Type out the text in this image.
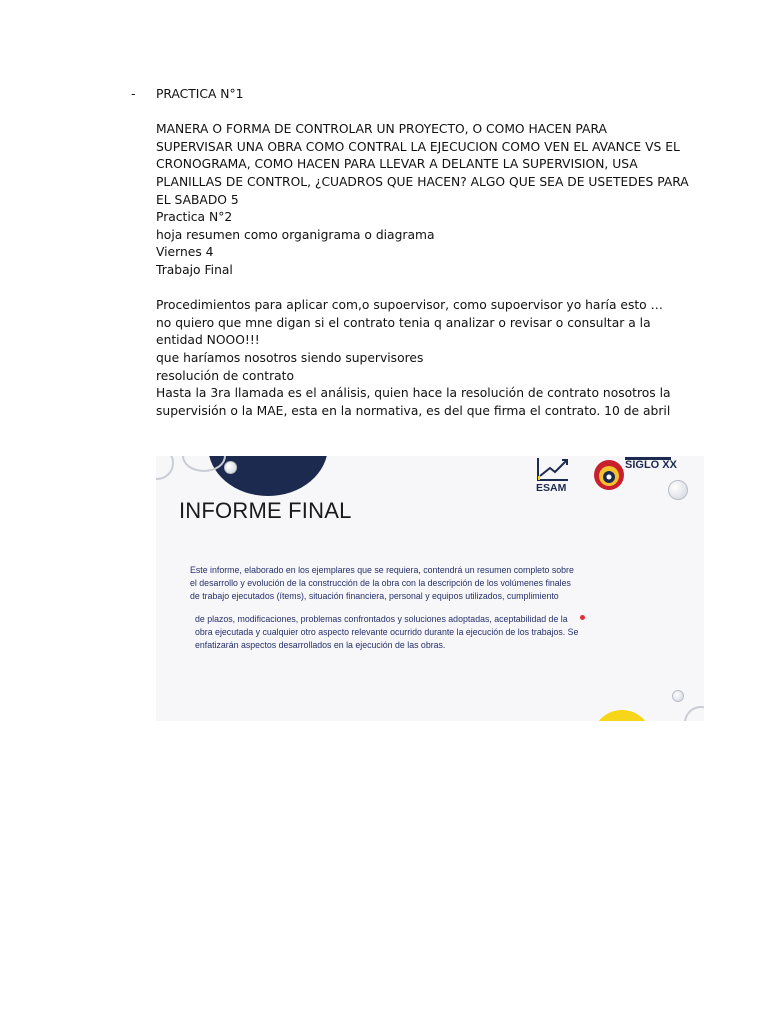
- PRACTICA N°1
MANERA O FORMA DE CONTROLAR UN PROYECTO, O COMO HACEN PARA
SUPERVISAR UNA OBRA COMO CONTRAL LA EJECUCION COMO VEN EL AVANCE VS EL
CRONOGRAMA, COMO HACEN PARA LLEVAR A DELANTE LA SUPERVISION, USA
PLANILLAS DE CONTROL, ¿CUADROS QUE HACEN? ALGO QUE SEA DE USETEDES PARA
EL SABADO 5
Practica N°2
hoja resumen como organigrama o diagrama
Viernes 4
Trabajo Final
Procedimientos para aplicar com,o supoervisor, como supoervisor yo haría esto …
no quiero que mne digan si el contrato tenia q analizar o revisar o consultar a la
entidad NOOO!!!
que haríamos nosotros siendo supervisores
resolución de contrato
Hasta la 3ra llamada es el análisis, quien hace la resolución de contrato nosotros la
supervisión o la MAE, esta en la normativa, es del que firma el contrato. 10 de abril
ESAM
SIGLO XX
INFORME FINAL
Este informe, elaborado en los ejemplares que se requiera, contendrá un resumen completo sobre
el desarrollo y evolución de la construcción de la obra con la descripción de los volúmenes finales
de trabajo ejecutados (ítems), situación financiera, personal y equipos utilizados, cumplimiento
de plazos, modificaciones, problemas confrontados y soluciones adoptadas, aceptabilidad de la
obra ejecutada y cualquier otro aspecto relevante ocurrido durante la ejecución de los trabajos. Se
enfatizarán aspectos desarrollados en la ejecución de las obras.
